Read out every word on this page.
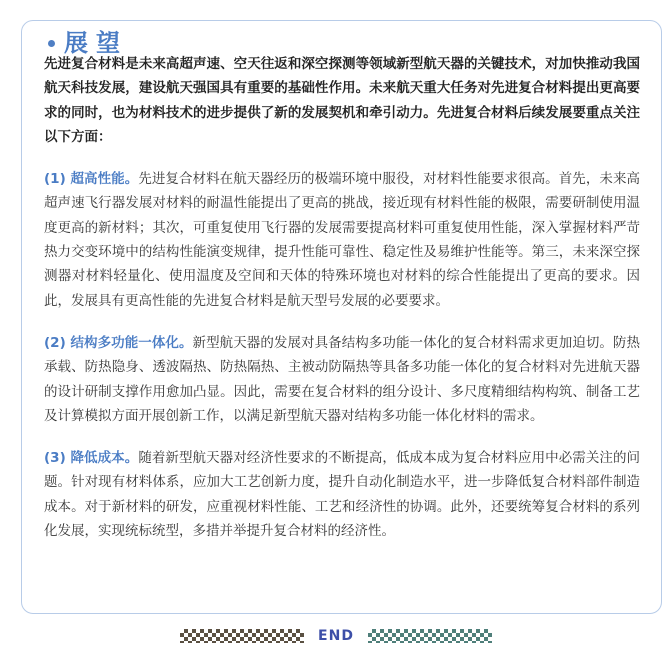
展望

先进复合材料是未来高超声速、空天往返和深空探测等领域新型航天器的关键技术，对加快推动我国航天科技发展，建设航天强国具有重要的基础性作用。未来航天重大任务对先进复合材料提出更高要求的同时，也为材料技术的进步提供了新的发展契机和牵引动力。先进复合材料后续发展要重点关注以下方面：

(1) 超高性能。先进复合材料在航天器经历的极端环境中服役，对材料性能要求很高。首先，未来高超声速飞行器发展对材料的耐温性能提出了更高的挑战，接近现有材料性能的极限，需要研制使用温度更高的新材料；其次，可重复使用飞行器的发展需要提高材料可重复使用性能，深入掌握材料严苛热力交变环境中的结构性能演变规律，提升性能可靠性、稳定性及易维护性能等。第三，未来深空探测器对材料轻量化、使用温度及空间和天体的特殊环境也对材料的综合性能提出了更高的要求。因此，发展具有更高性能的先进复合材料是航天型号发展的必要要求。

(2) 结构多功能一体化。新型航天器的发展对具备结构多功能一体化的复合材料需求更加迫切。防热承载、防热隐身、透波隔热、防热隔热、主被动防隔热等具备多功能一体化的复合材料对先进航天器的设计研制支撑作用愈加凸显。因此，需要在复合材料的组分设计、多尺度精细结构构筑、制备工艺及计算模拟方面开展创新工作，以满足新型航天器对结构多功能一体化材料的需求。

(3) 降低成本。随着新型航天器对经济性要求的不断提高，低成本成为复合材料应用中必需关注的问题。针对现有材料体系，应加大工艺创新力度，提升自动化制造水平，进一步降低复合材料部件制造成本。对于新材料的研发，应重视材料性能、工艺和经济性的协调。此外，还要统筹复合材料的系列化发展，实现统标统型，多措并举提升复合材料的经济性。

END
